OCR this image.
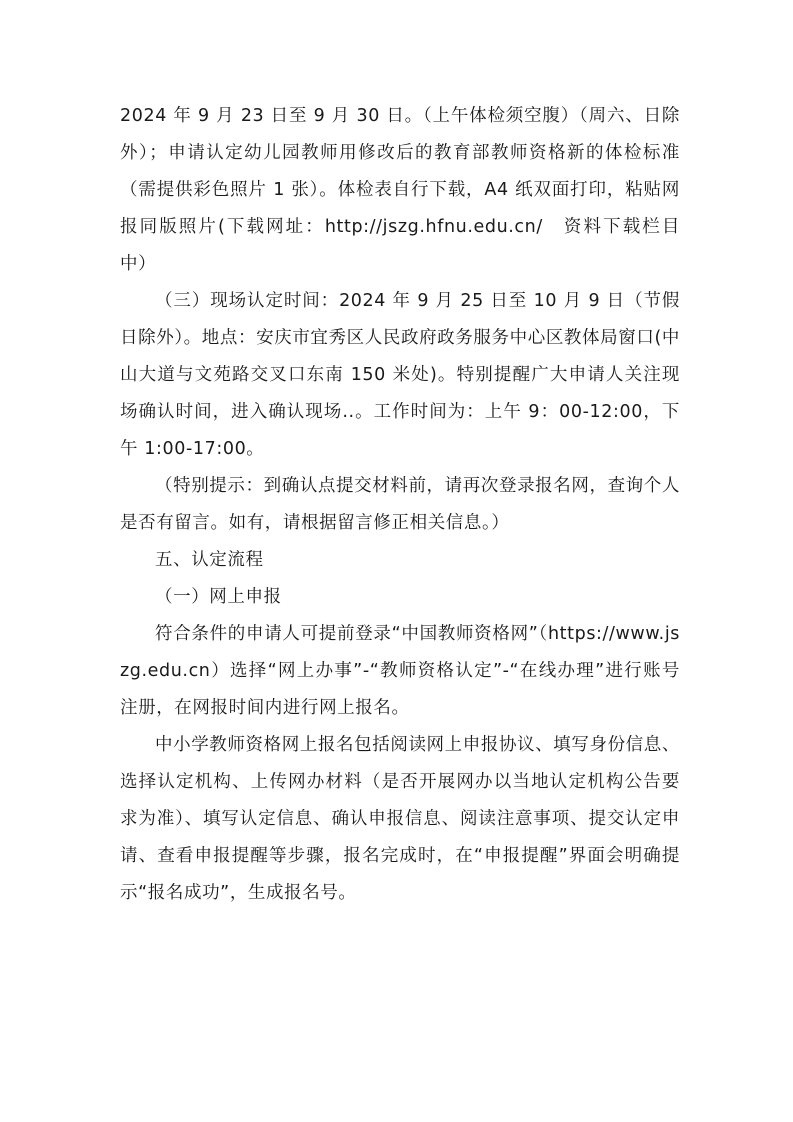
2024 年 9 月 23 日至 9 月 30 日。（上午体检须空腹）（周六、日除外）；申请认定幼儿园教师用修改后的教育部教师资格新的体检标准（需提供彩色照片 1 张）。体检表自行下载，A4 纸双面打印，粘贴网报同版照片(下载网址：http://jszg.hfnu.edu.cn/　资料下载栏目中）

（三）现场认定时间：2024 年 9 月 25 日至 10 月 9 日（节假日除外）。地点：安庆市宜秀区人民政府政务服务中心区教体局窗口(中山大道与文苑路交叉口东南 150 米处)。特别提醒广大申请人关注现场确认时间，进入确认现场..。工作时间为：上午 9：00-12:00，下午 1:00-17:00。

（特别提示：到确认点提交材料前，请再次登录报名网，查询个人是否有留言。如有，请根据留言修正相关信息。）

五、认定流程

（一）网上申报

符合条件的申请人可提前登录“中国教师资格网”（https://www.jszg.edu.cn）选择“网上办事”-“教师资格认定”-“在线办理”进行账号注册，在网报时间内进行网上报名。

中小学教师资格网上报名包括阅读网上申报协议、填写身份信息、选择认定机构、上传网办材料（是否开展网办以当地认定机构公告要求为准）、填写认定信息、确认申报信息、阅读注意事项、提交认定申请、查看申报提醒等步骤，报名完成时，在“申报提醒”界面会明确提示“报名成功”，生成报名号。
